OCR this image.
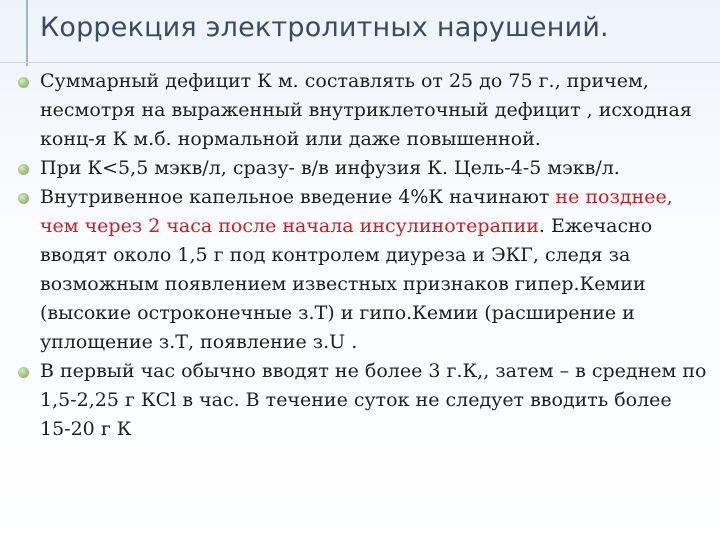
Коррекция электролитных нарушений.
Суммарный дефицит К м. составлять от 25 до 75 г., причем, несмотря на выраженный внутриклеточный дефицит , исходная конц-я К м.б. нормальной или даже повышенной.
При К<5,5 мэкв/л, сразу- в/в инфузия К. Цель-4-5 мэкв/л.
Внутривенное капельное введение 4%К начинают не позднее, чем через 2 часа после начала инсулинотерапии. Ежечасно вводят около 1,5 г под контролем диуреза и ЭКГ, следя за возможным появлением известных признаков гипер.Кемии (высокие остроконечные з.Т) и гипо.Кемии (расширение и уплощение з.Т, появление з.U .
В первый час обычно вводят не более 3 г.К,, затем – в среднем по 1,5-2,25 г КСl в час. В течение суток не следует вводить более 15-20 г К
